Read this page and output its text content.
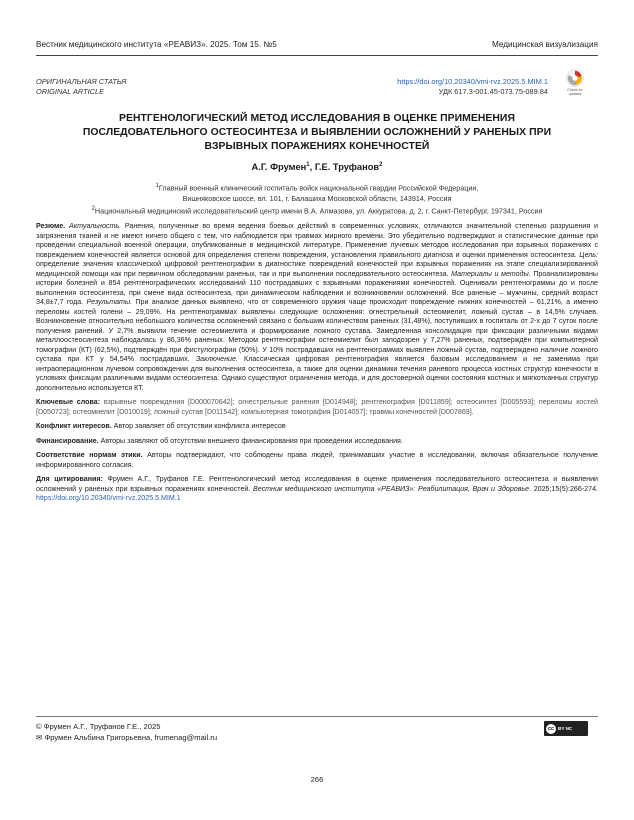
Вестник медицинского института «РЕАВИЗ». 2025. Том 15. №5	Медицинская визуализация
ОРИГИНАЛЬНАЯ СТАТЬЯ
ORIGINAL ARTICLE
https://doi.org/10.20340/vmi-rvz.2025.5.MIM.1
УДК 617.3-001.45-073.75-089.84	Check for updates
РЕНТГЕНОЛОГИЧЕСКИЙ МЕТОД ИССЛЕДОВАНИЯ В ОЦЕНКЕ ПРИМЕНЕНИЯ ПОСЛЕДОВАТЕЛЬНОГО ОСТЕОСИНТЕЗА И ВЫЯВЛЕНИИ ОСЛОЖНЕНИЙ У РАНЕНЫХ ПРИ ВЗРЫВНЫХ ПОРАЖЕНИЯХ КОНЕЧНОСТЕЙ
А.Г. Фрумен$^1$, Г.Е. Труфанов$^2$
$^1$Главный военный клинический госпиталь войск национальной гвардии Российской Федерации,
Вишняковское шоссе, вл. 101, г. Балашиха Московской области, 143914, Россия
$^2$Национальный медицинский исследовательский центр имени В.А. Алмазова, ул. Аккуратова, д. 2, г. Санкт-Петербург, 197341, Россия

Резюме. Актуальность. Ранения, полученные во время ведения боевых действий в современных условиях, отличаются значительной степенью разрушения и загрязнения тканей и не имеют ничего общего с тем, что наблюдается при травмах мирного времени. Это убедительно подтверждают и статистические данные при проведении специальной военной операции, опубликованные в медицинской литературе. Применение лучевых методов исследования при взрывных поражениях с повреждением конечностей является основой для определения степени повреждения, установления правильного диагноза и оценки применения остеосинтеза. Цель: определение значения классической цифровой рентгенографии в диагностике повреждений конечностей при взрывных поражениях на этапе специализированной медицинской помощи как при первичном обследовании раненых, так и при выполнении последовательного остеосинтеза. Материалы и методы. Проанализированы истории болезней и 854 рентгенографических исследований 110 пострадавших с взрывными поражениями конечностей. Оценивали рентгенограммы до и после выполнения остеосинтеза, при смене вида остеосинтеза, при динамическом наблюдении и возникновении осложнений. Все раненые – мужчины, средний возраст 34,8±7,7 года. Результаты. При анализе данных выявлено, что от современного оружия чаще происходит повреждение нижних конечностей – 61,21%, а именно переломы костей голени – 29,09%. На рентгенограммах выявлены следующие осложнения: огнестрельный остеомиелит, ложный сустав – в 14,5% случаев. Возникновение относительно небольшого количества осложнений связано с большим количеством раненых (31,48%), поступивших в госпиталь от 2-х до 7 суток после получения ранений. У 2,7% выявили течение остеомиелита и формирование ложного сустава. Замедленная консолидация при фиксации различными видами металлоостеосинтеза наблюдалась у 86,36% раненых. Методом рентгенографии остеомиелит был заподозрен у 7,27% раненых, подтверждён при компьютерной томографии (КТ) (62,5%), подтверждён при фистулографии (50%). У 10% пострадавших на рентгенограммах выявлен ложный сустав, подтверждено наличие ложного сустава при КТ у 54,54% пострадавших. Заключение. Классическая цифровая рентгенография является базовым исследованием и не заменима при интраоперационном лучевом сопровождении для выполнения остеосинтеза, а также для оценки динамики течения раневого процесса костных структур конечности в условиях фиксации различными видами остеосинтеза. Однако существуют ограничения метода, и для достоверной оценки состояния костных и мягкотканных структур дополнительно используется КТ.

Ключевые слова: взрывные повреждения [D000070642]; огнестрельные ранения [D014948]; рентгенография [D011859]; остеосинтез [D005593]; переломы костей [D050723]; остеомиелит [D010019]; ложный сустав [D011542]; компьютерная томография [D014057]; травмы конечностей [D007869].

Конфликт интересов. Автор заявляет об отсутствии конфликта интересов

Финансирование. Авторы заявляют об отсутствии внешнего финансирования при проведении исследования.

Соответствие нормам этики. Авторы подтверждают, что соблюдены права людей, принимавших участие в исследовании, включая обязательное получение информированного согласия.

Для цитирования: Фрумен А.Г., Труфанов Г.Е. Рентгенологический метод исследования в оценке применения последовательного остеосинтеза и выявлении осложнений у раненых при взрывных поражениях конечностей. Вестник медицинского института «РЕАВИЗ»: Реабилитация, Врач и Здоровье. 2025;15(5):266-274. https://doi.org/10.20340/vmi-rvz.2025.5.MIM.1

© Фрумен А.Г., Труфанов Г.Е., 2025
✉ Фрумен Альбина Григорьевна, frumenag@mail.ru
cc BY NC
266
